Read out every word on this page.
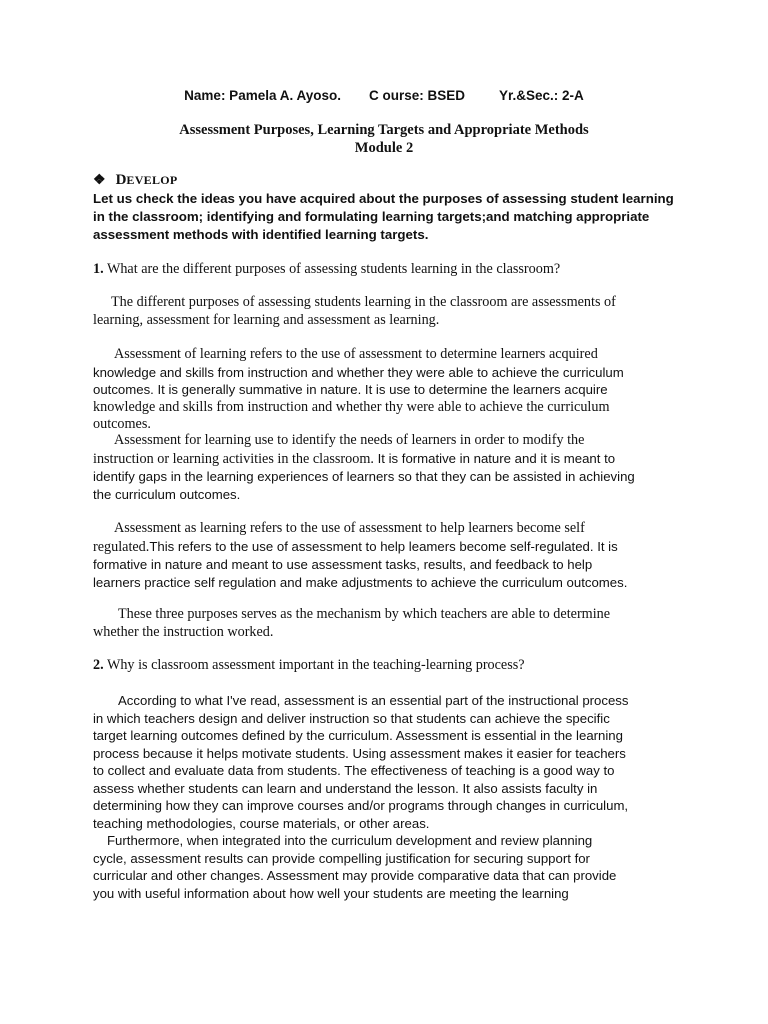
Name: Pamela A. Ayoso. C ourse: BSED	Yr.&Sec.: 2-A
Assessment Purposes, Learning Targets and Appropriate Methods
Module 2
❖ DEVELOP
Let us check the ideas you have acquired about the purposes of assessing student learning
in the classroom; identifying and formulating learning targets;and matching appropriate
assessment methods with identified learning targets.
1. What are the different purposes of assessing students learning in the classroom?
The different purposes of assessing students learning in the classroom are assessments of
learning, assessment for learning and assessment as learning.
Assessment of learning refers to the use of assessment to determine learners acquired
knowledge and skills from instruction and whether they were able to achieve the curriculum
outcomes. It is generally summative in nature. It is use to determine the learners acquire
knowledge and skills from instruction and whether thy were able to achieve the curriculum
outcomes.
Assessment for learning use to identify the needs of learners in order to modify the
instruction or learning activities in the classroom. It is formative in nature and it is meant to
identify gaps in the learning experiences of learners so that they can be assisted in achieving
the curriculum outcomes.
Assessment as learning refers to the use of assessment to help learners become self
regulated.This refers to the use of assessment to help leamers become self-regulated. It is
formative in nature and meant to use assessment tasks, results, and feedback to help
learners practice self regulation and make adjustments to achieve the curriculum outcomes.
These three purposes serves as the mechanism by which teachers are able to determine
whether the instruction worked.
2. Why is classroom assessment important in the teaching-learning process?
According to what I've read, assessment is an essential part of the instructional process
in which teachers design and deliver instruction so that students can achieve the specific
target learning outcomes defined by the curriculum. Assessment is essential in the learning
process because it helps motivate students. Using assessment makes it easier for teachers
to collect and evaluate data from students. The effectiveness of teaching is a good way to
assess whether students can learn and understand the lesson. It also assists faculty in
determining how they can improve courses and/or programs through changes in curriculum,
teaching methodologies, course materials, or other areas.
Furthermore, when integrated into the curriculum development and review planning
cycle, assessment results can provide compelling justification for securing support for
curricular and other changes. Assessment may provide comparative data that can provide
you with useful information about how well your students are meeting the learning
